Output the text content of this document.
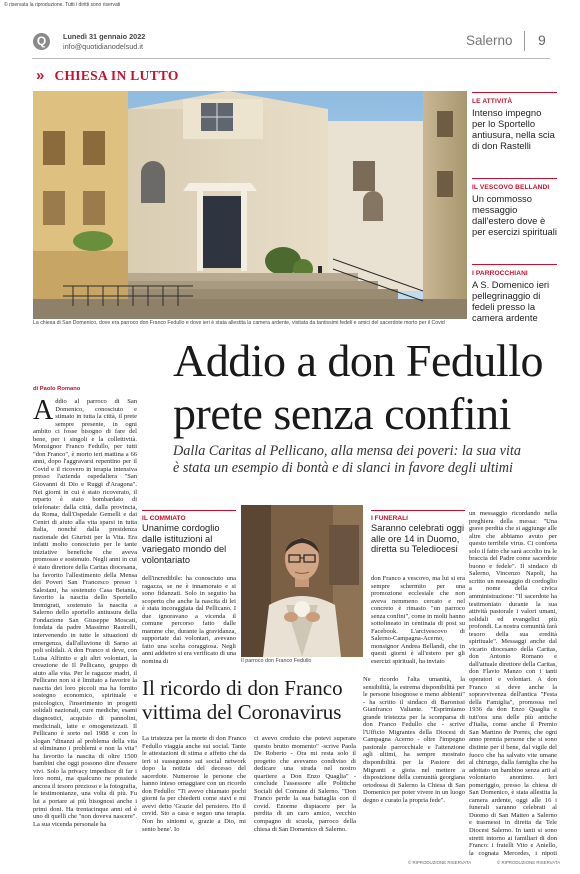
© riservata la riproduzione. Tutti i diritti sono riservati
Q	Lunedì 31 gennaio 2022
info@quotidianodelsud.it	Salerno 9
» CHIESA IN LUTTO
La chiesa di San Domenico, dove era parroco don Franco Fedullo e dove ieri è stata allestita la camera ardente, visitata da tantissimi fedeli e amici del sacerdote morto per il Covid
LE ATTIVITÀ
Intenso impegno per lo Sportello antiusura, nella scia di don Rastelli
IL VESCOVO BELLANDI
Un commosso messaggio dall'estero dove è per esercizi spirituali
I PARROCCHIANI
A S. Domenico ieri pellegrinaggio di fedeli presso la camera ardente
Addio a don Fedullo
prete senza confini
Dalla Caritas al Pellicano, alla mensa dei poveri: la sua vita
è stata un esempio di bontà e di slanci in favore degli ultimi
di Paolo Romano
A ddio al parroco di San Domenico, conosciuto e stimato in tutta la città, il prete sempre presente, in ogni ambito ci fosse bisogno di fare del bene, per i singoli e la collettività. Monsignor Franco Fedullo, per tutti "don Franco", è morto ieri mattina a 66 anni, dopo l'aggravarsi repentino per il Covid e il ricovero in terapia intensiva presso l'azienda ospedaliera "San Giovanni di Dio e Ruggi d'Aragona". Nei giorni in cui è stato ricoverato, il reparto è stato bombardato di telefonate: dalla città, dalla provincia, da Roma, dall'Ospedale Gemelli e dai Centri di aiuto alla vita sparsi in tutta Italia, nonché dalla presidenza nazionale dei Giuristi per la Vita. Era infatti molto conosciuto per le tante iniziative benefiche che aveva promosso e sostenuto. Negli anni in cui è stato direttore della Caritas diocesana, ha favorito l'allestimento della Mensa dei Poveri San Francesco presso i Salesiani, ha sostenuto Casa Betania, favorito la nascita dello Sportello Immigrati, sostenuto la nascita a Salerno dello sportello antiusura della Fondazione San Giuseppe Moscati, fondata da padre Massimo Rastrelli, intervenendo in tutte le situazioni di emergenza, dall'alluvione di Sarno ai poli solidali. A don Franco si deve, con Luisa Alfinito e gli altri volontari, la creazione de Il Pellicano, gruppo di aiuto alla vita. Per le ragazze madri, il Pellicano non si è limitato a favorire la nascita dei loro piccoli ma ha fornito sostegno economico, spirituale e psicologico, l'inserimento in progetti solidali nazionali, cure mediche, esami diagnostici, acquisto di pannolini, medicinali, latte e omogeneizzati. Il Pellicano è sorto nel 1988 e con lo slogan "dinanzi al problema della vita si eliminano i problemi e non la vita" ha favorito la nascita di oltre 1500 bambini che oggi possono dire d'essere vivi. Solo la privacy impedisce di far i loro nomi, ma qualcuno ne possiede ancora il tesoro prezioso e la fotografia, le testimonianze, una volta di più. Fu lui a portare ai più bisognosi anche i primi doni. Ha trentacinque anni ed è uno di quelli che "non doveva nascere". La sua vicenda personale ha
IL COMMIATO
Unanime cordoglio dalle istituzioni al variegato mondo del volontariato
dell'incredibile: ha conosciuto una ragazza, se ne è innamorato e si sono fidanzati. Solo in seguito ha scoperto che anche la nascita di lei è stata incoraggiata dal Pellicano. I due ignoravano a vicenda il comune percorso fatto dalle mamme che, durante la gravidanza, supportate dai volontari, avevano fatto una scelta coraggiosa. Negli anni addietro si era verificato di una nomina di	Il parroco don Franco Fedullo
I FUNERALI
Saranno celebrati oggi alle ore 14 in Duomo, diretta su Telediocesi
don Franco a vescovo, ma lui si era sempre schermito per una promozione ecclesiale che non aveva nemmeno cercato e nel concreto è rimasto "un parroco senza confini", come in molti hanno sottolineato in centinaia di post su Facebook. L'arcivescovo di Salerno-Campagna-Acerno, monsignor Andrea Bellandi, che in questi giorni è all'estero per gli esercizi spirituali, ha inviato
un messaggio ricordando nella preghiera della messa: "Una grave perdita che si aggiunge alle altre che abbiamo avuto per questo terribile virus. Ci conforta solo il fatto che sarà accolto tra le braccia del Padre come sacerdote buono e fedele". Il sindaco di Salerno, Vincenzo Napoli, ha scritto un messaggio di cordoglio a nome della civica amministrazione: "Il sacerdote ha testimoniato durante la sua attività pastorale i valori umani, solidali ed evangelici più profondi. La nostra comunità farà tesoro della sua eredità spirituale". Messaggi anche dal vicario diocesano della Caritas, don Antonio Romano e dall'attuale direttore della Caritas, don Flavio Manzo con i tanti operatori e volontari. A don Franco si deve anche la sopravvivenza dell'antica "Festa della Famiglia", promossa nel 1936 da don Enzo Quaglia e tutt'ora una delle più antiche d'Italia, come anche il Premio San Martino de Porres, che ogni anno premia persone che si sono distinte per il bene, dal vigile del fuoco che ha salvato vite umane al chirurgo, dalla famiglia che ha adottato un bambino senza arti al volontario anonimo. Ieri pomeriggio, presso la chiesa di San Domenico, è stata allestita la camera ardente, oggi alle 16 i funerali saranno celebrati al Duomo di San Matteo a Salerno e trasmessi in diretta da Tele Diocesi Salerno. In tanti si sono stretti intorno ai familiari di don Franco: i fratelli Vito e Aniello, la cognata Mercedes, i nipoti
© RIPRODUZIONE RISERVATA
Il ricordo di don Franco
vittima del Coronavirus
La tristezza per la morte di don Franco Fedullo viaggia anche sui social. Tante le attestazioni di stima e affetto che da ieri si susseguono sui social network dopo la notizia del decesso del sacerdote. Numerose le persone che hanno inteso omaggiare con un ricordo don Fedullo: "Ti avevo chiamato pochi giorni fa per chiederti come stavi e mi avevi detto 'Grazie del pensiero. Ho il covid. Sto a casa e seguo una terapia. Non ho sintomi e, grazie a Dio, mi sento bene'. Io
ci avevo creduto che potevi superare questo brutto momento" -scrive Paola De Roberto - Ora mi resta solo il progetto che avevamo condiviso di dedicare una strada nel nostro quartiere a Don Enzo Quaglia" - conclude l'assessore alle Politiche Sociali del Comune di Salerno. "Don Franco perde la sua battaglia con il covid. Enorme dispiacere per la perdita di un caro amico, vecchio compagno di scuola, parroco della chiesa di San Domenico di Salerno.
Ne ricordo l'alta umanità, la sensibilità, la estrema disponibilità per le persone bisognose e meno abbienti" - ha scritto il sindaco di Baronissi Gianfranco Valiante. "Esprimiamo grande tristezza per la scomparsa di don Franco Fedullo che - scrive l'Ufficio Migrantes della Diocesi di Campagna Acerno - oltre l'impegno pastorale parrocchiale e l'attenzione agli ultimi, ha sempre mostrato disponibilità per la Pastore dei Migranti e gioia nel mettere a disposizione della comunità georgiana ortodossa di Salerno la Chiesa di San Domenico per poter vivere in un luogo degno e curato la propria fede".
© RIPRODUZIONE RISERVATA
